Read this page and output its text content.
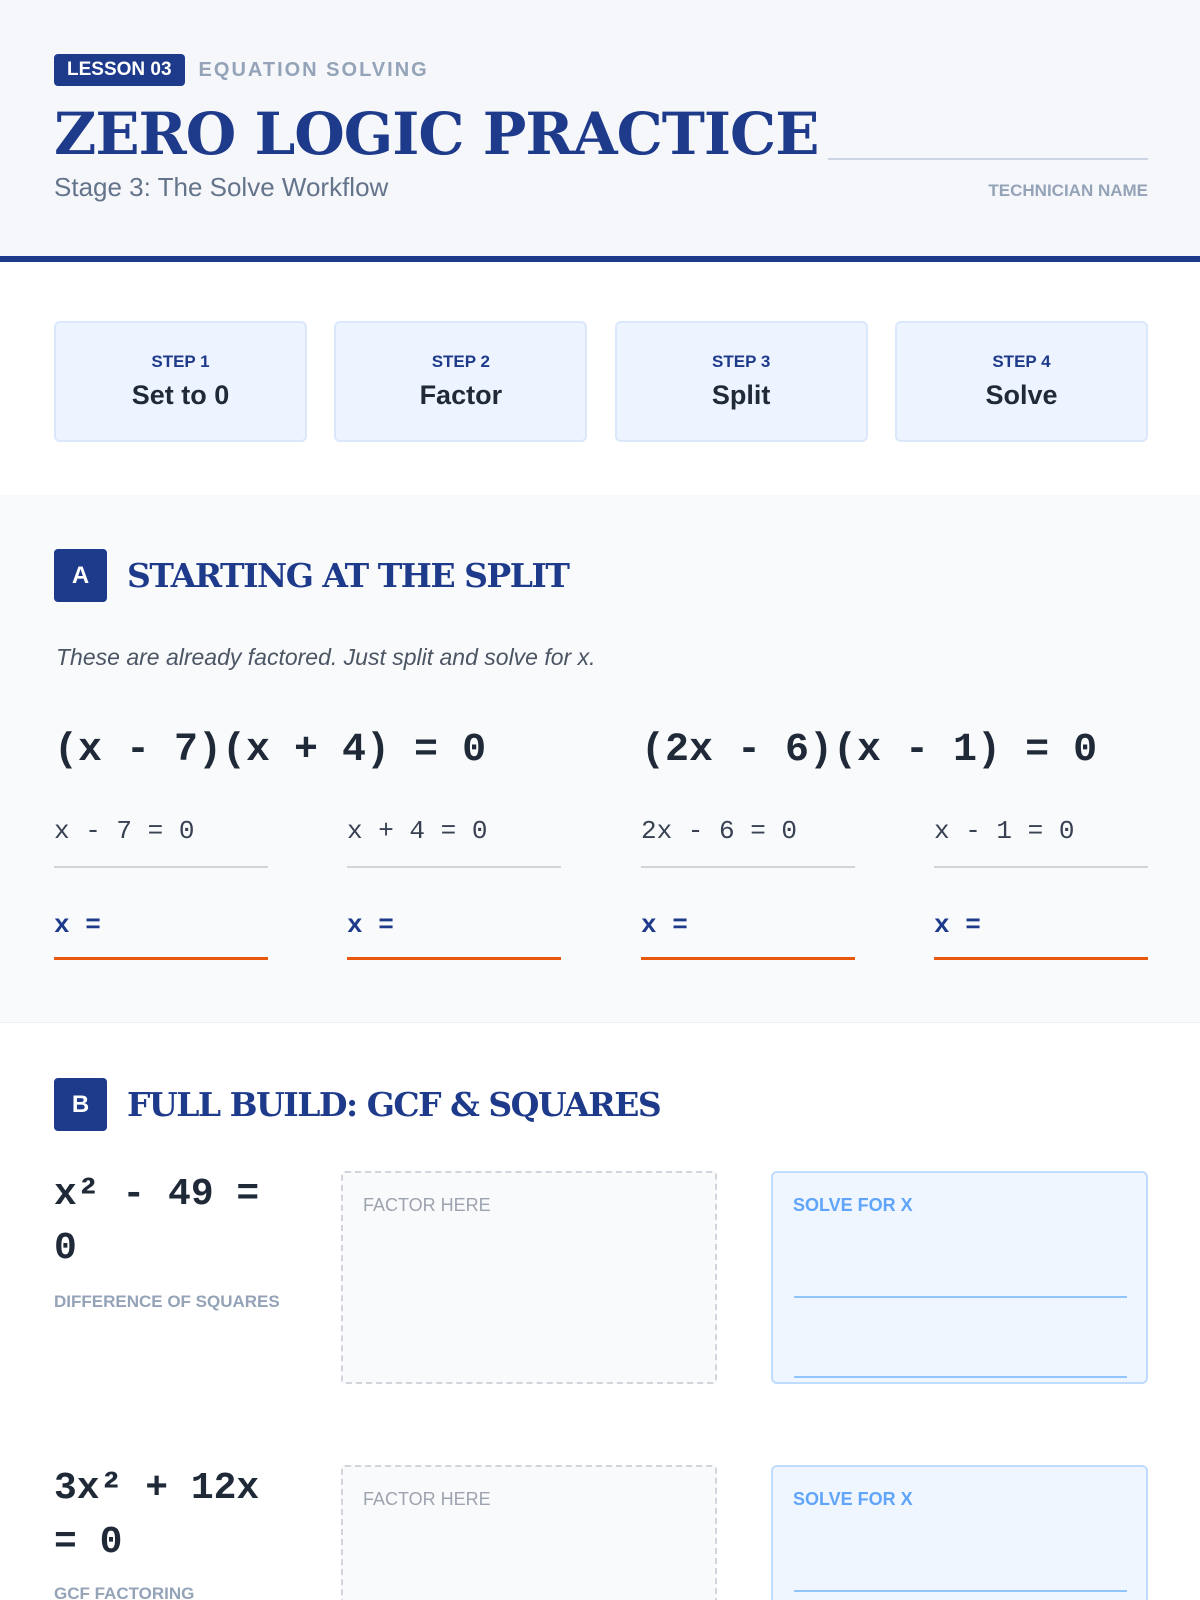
LESSON 03	EQUATION SOLVING
ZERO LOGIC PRACTICE
Stage 3: The Solve Workflow	TECHNICIAN NAME
STEP 1
Set to 0
STEP 2
Factor
STEP 3
Split
STEP 4
Solve
A	STARTING AT THE SPLIT
These are already factored. Just split and solve for x.
(x - 7)(x + 4) = 0	(2x - 6)(x - 1) = 0
x - 7 = 0
x =
x + 4 = 0
x =
2x - 6 = 0
x =
x - 1 = 0
x =
B	FULL BUILD: GCF & SQUARES
x² - 49 = 0
DIFFERENCE OF SQUARES
FACTOR HERE	SOLVE FOR X
3x² + 12x = 0
GCF FACTORING
FACTOR HERE	SOLVE FOR X
